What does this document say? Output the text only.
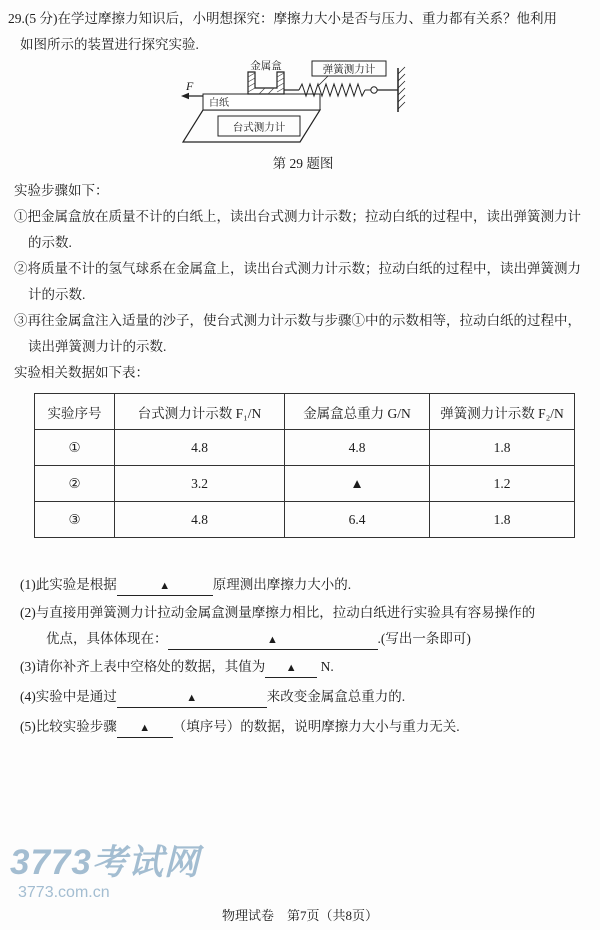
29.(5 分)在学过摩擦力知识后，小明想探究：摩擦力大小是否与压力、重力都有关系？他利用

如图所示的装置进行探究实验.

台式测力计
白纸
F
金属盒	弹簧测力计
第 29 题图

实验步骤如下：

①把金属盒放在质量不计的白纸上，读出台式测力计示数；拉动白纸的过程中，读出弹簧测力计的示数.

②将质量不计的氢气球系在金属盒上，读出台式测力计示数；拉动白纸的过程中，读出弹簧测力计的示数.

③再往金属盒注入适量的沙子，使台式测力计示数与步骤①中的示数相等，拉动白纸的过程中，读出弹簧测力计的示数.

实验相关数据如下表：

实验序号	台式测力计示数 F₁/N	金属盒总重力 G/N	弹簧测力计示数 F₂/N
①	4.8	4.8	1.8
②	3.2	▲	1.2
③	4.8	6.4	1.8

(1)此实验是根据	▲	原理测出摩擦力大小的.

(2)与直接用弹簧测力计拉动金属盒测量摩擦力相比，拉动白纸进行实验具有容易操作的

优点，具体体现在：	▲	.(写出一条即可)

(3)请你补齐上表中空格处的数据，其值为 ▲ N.

(4)实验中是通过	▲	来改变金属盒总重力的.

(5)比较实验步骤 ▲ （填序号）的数据，说明摩擦力大小与重力无关.

3773考试网
3773.com.cn
物理试卷　第7页（共8页）
